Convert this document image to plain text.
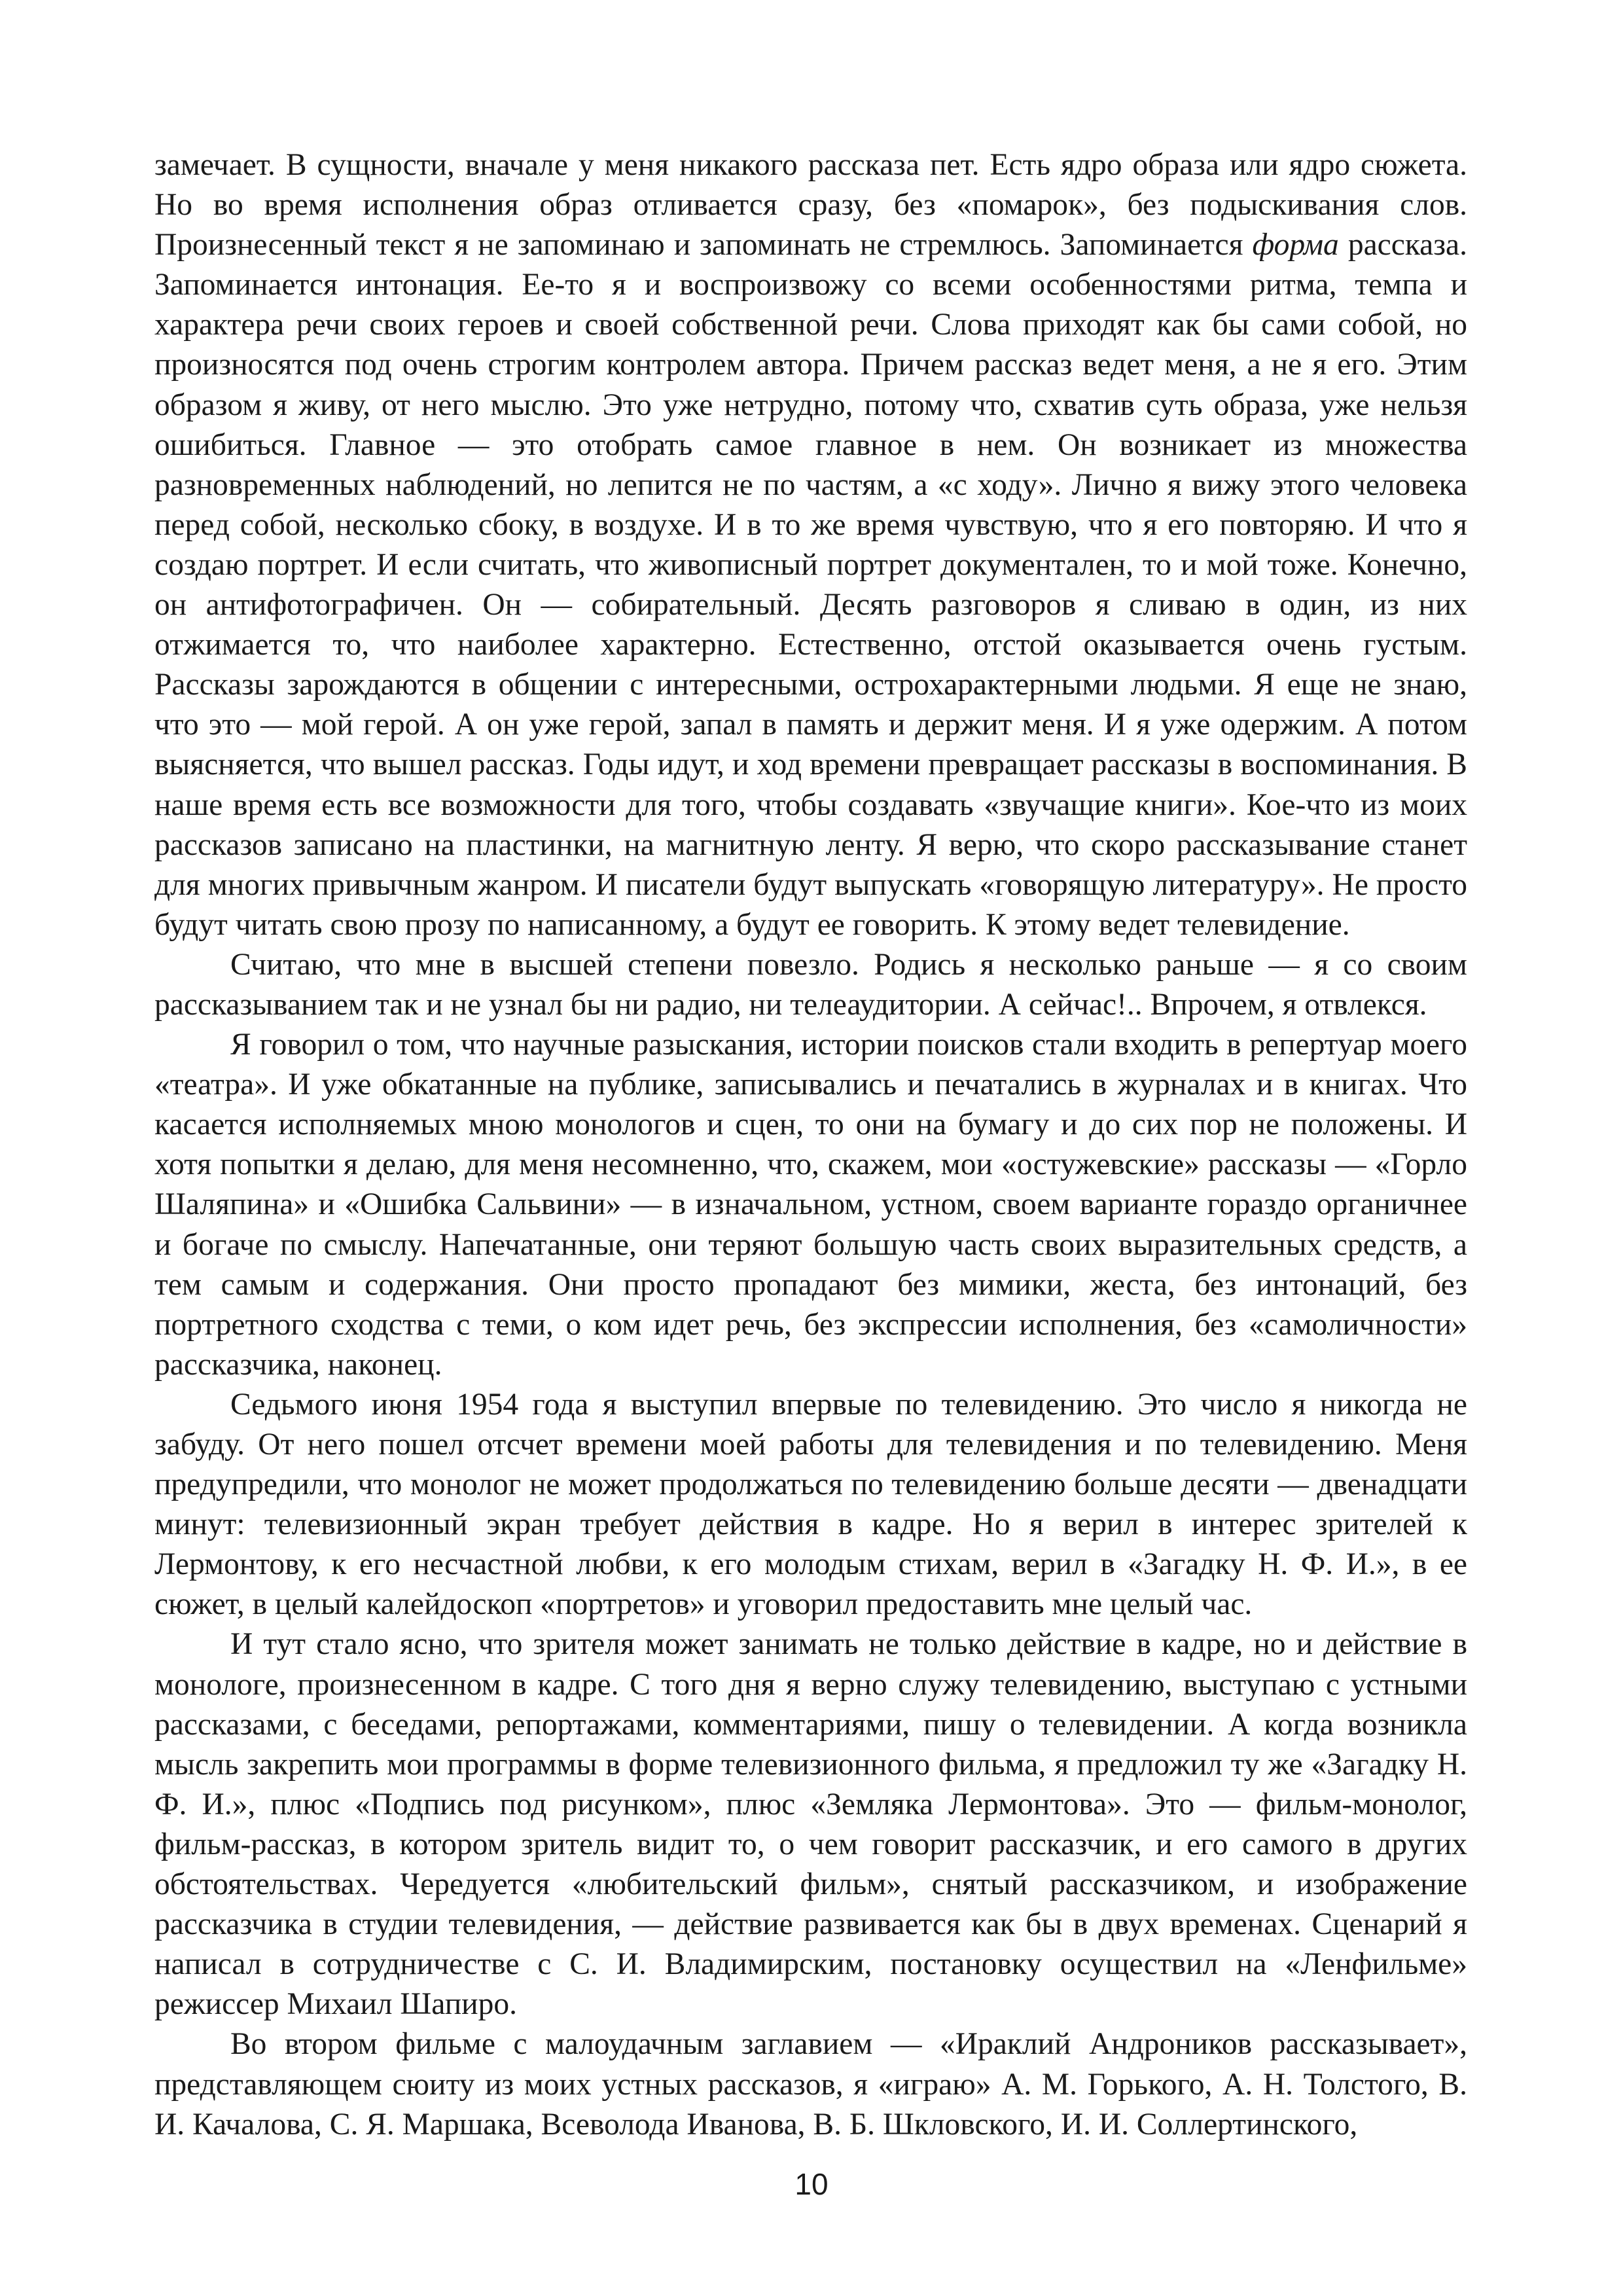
замечает. В сущности, вначале у меня никакого рассказа пет. Есть ядро образа или ядро сюжета. Но во время исполнения образ отливается сразу, без «помарок», без подыскивания слов. Произнесенный текст я не запоминаю и запоминать не стремлюсь. Запоминается форма рассказа. Запоминается интонация. Ее-то я и воспроизвожу со всеми особенностями ритма, темпа и характера речи своих героев и своей собственной речи. Слова приходят как бы сами собой, но произносятся под очень строгим контролем автора. Причем рассказ ведет меня, а не я его. Этим образом я живу, от него мыслю. Это уже нетрудно, потому что, схватив суть образа, уже нельзя ошибиться. Главное — это отобрать самое главное в нем. Он возникает из множества разновременных наблюдений, но лепится не по частям, а «с ходу». Лично я вижу этого человека перед собой, несколько сбоку, в воздухе. И в то же время чувствую, что я его повторяю. И что я создаю портрет. И если считать, что живописный портрет документален, то и мой тоже. Конечно, он антифотографичен. Он — собирательный. Десять разговоров я сливаю в один, из них отжимается то, что наиболее характерно. Естественно, отстой оказывается очень густым. Рассказы зарождаются в общении с интересными, острохарактерными людьми. Я еще не знаю, что это — мой герой. А он уже герой, запал в память и держит меня. И я уже одержим. А потом выясняется, что вышел рассказ. Годы идут, и ход времени превращает рассказы в воспоминания. В наше время есть все возможности для того, чтобы создавать «звучащие книги». Кое-что из моих рассказов записано на пластинки, на магнитную ленту. Я верю, что скоро рассказывание станет для многих привычным жанром. И писатели будут выпускать «говорящую литературу». Не просто будут читать свою прозу по написанному, а будут ее говорить. К этому ведет телевидение.

Считаю, что мне в высшей степени повезло. Родись я несколько раньше — я со своим рассказыванием так и не узнал бы ни радио, ни телеаудитории. А сейчас!.. Впрочем, я отвлекся.

Я говорил о том, что научные разыскания, истории поисков стали входить в репертуар моего «театра». И уже обкатанные на публике, записывались и печатались в журналах и в книгах. Что касается исполняемых мною монологов и сцен, то они на бумагу и до сих пор не положены. И хотя попытки я делаю, для меня несомненно, что, скажем, мои «остужевские» рассказы — «Горло Шаляпина» и «Ошибка Сальвини» — в изначальном, устном, своем варианте гораздо органичнее и богаче по смыслу. Напечатанные, они теряют большую часть своих выразительных средств, а тем самым и содержания. Они просто пропадают без мимики, жеста, без интонаций, без портретного сходства с теми, о ком идет речь, без экспрессии исполнения, без «самоличности» рассказчика, наконец.

Седьмого июня 1954 года я выступил впервые по телевидению. Это число я никогда не забуду. От него пошел отсчет времени моей работы для телевидения и по телевидению. Меня предупредили, что монолог не может продолжаться по телевидению больше десяти — двенадцати минут: телевизионный экран требует действия в кадре. Но я верил в интерес зрителей к Лермонтову, к его несчастной любви, к его молодым стихам, верил в «Загадку Н. Ф. И.», в ее сюжет, в целый калейдоскоп «портретов» и уговорил предоставить мне целый час.

И тут стало ясно, что зрителя может занимать не только действие в кадре, но и действие в монологе, произнесенном в кадре. С того дня я верно служу телевидению, выступаю с устными рассказами, с беседами, репортажами, комментариями, пишу о телевидении. А когда возникла мысль закрепить мои программы в форме телевизионного фильма, я предложил ту же «Загадку Н. Ф. И.», плюс «Подпись под рисунком», плюс «Земляка Лермонтова». Это — фильм-монолог, фильм-рассказ, в котором зритель видит то, о чем говорит рассказчик, и его самого в других обстоятельствах. Чередуется «любительский фильм», снятый рассказчиком, и изображение рассказчика в студии телевидения, — действие развивается как бы в двух временах. Сценарий я написал в сотрудничестве с С. И. Владимирским, постановку осуществил на «Ленфильме» режиссер Михаил Шапиро.

Во втором фильме с малоудачным заглавием — «Ираклий Андроников рассказывает», представляющем сюиту из моих устных рассказов, я «играю» А. М. Горького, А. Н. Толстого, В. И. Качалова, С. Я. Маршака, Всеволода Иванова, В. Б. Шкловского, И. И. Соллертинского,

10
